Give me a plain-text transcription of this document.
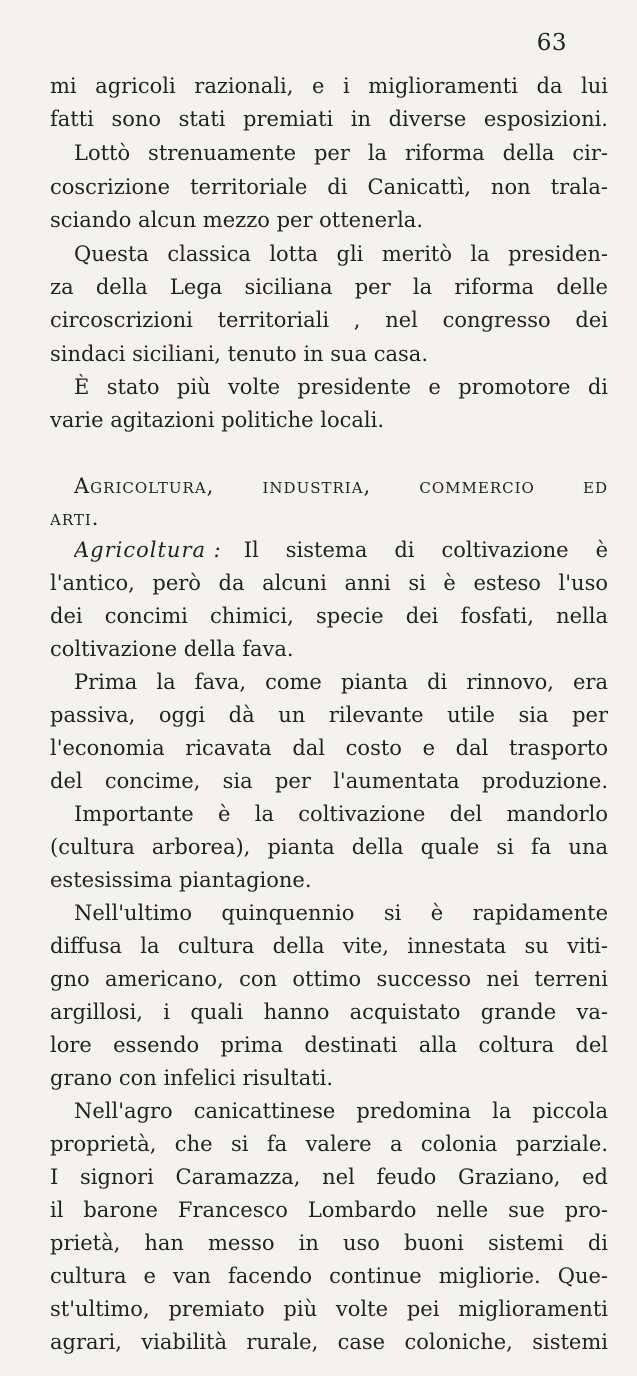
63
mi agricoli razionali, e i miglioramenti da lui
fatti sono stati premiati in diverse esposizioni.
Lottò strenuamente per la riforma della cir-
coscrizione territoriale di Canicattì, non trala-
sciando alcun mezzo per ottenerla.
Questa classica lotta gli meritò la presiden-
za della Lega siciliana per la riforma delle
circoscrizioni territoriali , nel congresso dei
sindaci siciliani, tenuto in sua casa.
È stato più volte presidente e promotore di
varie agitazioni politiche locali.
Agricoltura, industria, commercio ed
arti.
Agricoltura :	Il sistema di coltivazione è
l'antico, però da alcuni anni si è esteso l'uso
dei concimi chimici, specie dei fosfati, nella
coltivazione della fava.
Prima la fava, come pianta di rinnovo, era
passiva, oggi dà un rilevante utile sia per
l'economia ricavata dal costo e dal trasporto
del concime, sia per l'aumentata produzione.
Importante è la coltivazione del mandorlo
(cultura arborea), pianta della quale si fa una
estesissima piantagione.
Nell'ultimo quinquennio si è rapidamente
diffusa la cultura della vite, innestata su viti-
gno americano, con ottimo successo nei terreni
argillosi, i quali hanno acquistato grande va-
lore essendo prima destinati alla coltura del
grano con infelici risultati.
Nell'agro canicattinese predomina la piccola
proprietà, che si fa valere a colonia parziale.
I signori Caramazza, nel feudo Graziano, ed
il barone Francesco Lombardo nelle sue pro-
prietà, han messo in uso buoni sistemi di
cultura e van facendo continue migliorie. Que-
st'ultimo, premiato più volte pei miglioramenti
agrari, viabilità rurale, case coloniche, sistemi
